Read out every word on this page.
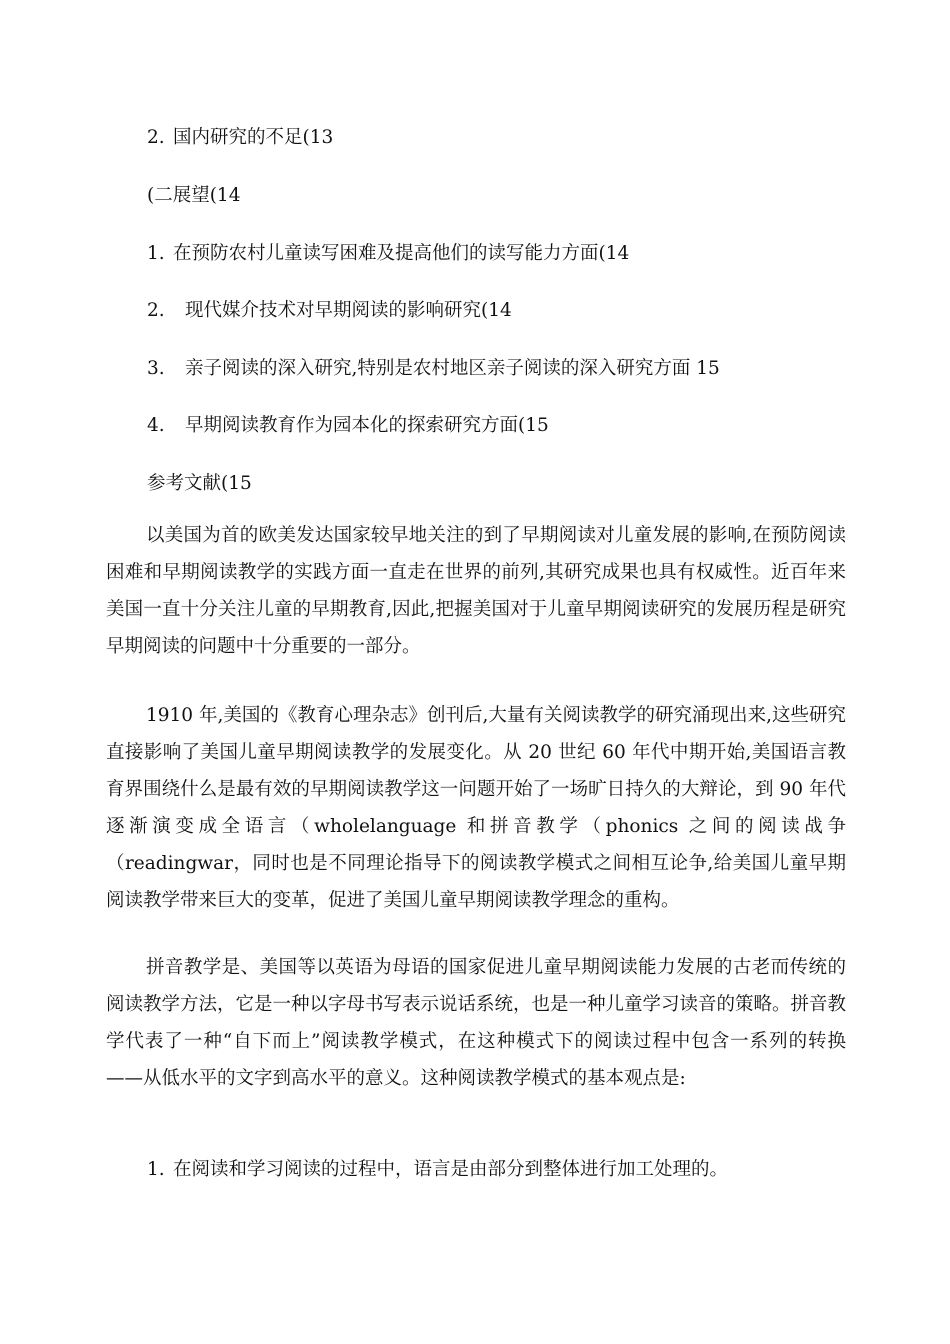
2. 国内研究的不足(13
(二展望(14
1. 在预防农村儿童读写困难及提高他们的读写能力方面(14
2. 现代媒介技术对早期阅读的影响研究(14
3. 亲子阅读的深入研究,特别是农村地区亲子阅读的深入研究方面 15
4. 早期阅读教育作为园本化的探索研究方面(15
参考文献(15

以美国为首的欧美发达国家较早地关注的到了早期阅读对儿童发展的影响,在预防阅读困难和早期阅读教学的实践方面一直走在世界的前列,其研究成果也具有权威性。近百年来美国一直十分关注儿童的早期教育,因此,把握美国对于儿童早期阅读研究的发展历程是研究早期阅读的问题中十分重要的一部分。

1910 年,美国的《教育心理杂志》创刊后,大量有关阅读教学的研究涌现出来,这些研究直接影响了美国儿童早期阅读教学的发展变化。从 20 世纪 60 年代中期开始,美国语言教育界围绕什么是最有效的早期阅读教学这一问题开始了一场旷日持久的大辩论，到 90 年代逐渐演变成全语言（wholelanguage 和拼音教学（phonics 之间的阅读战争（readingwar，同时也是不同理论指导下的阅读教学模式之间相互论争,给美国儿童早期阅读教学带来巨大的变革，促进了美国儿童早期阅读教学理念的重构。

拼音教学是、美国等以英语为母语的国家促进儿童早期阅读能力发展的古老而传统的阅读教学方法，它是一种以字母书写表示说话系统，也是一种儿童学习读音的策略。拼音教学代表了一种“自下而上”阅读教学模式，在这种模式下的阅读过程中包含一系列的转换——从低水平的文字到高水平的意义。这种阅读教学模式的基本观点是:

1. 在阅读和学习阅读的过程中，语言是由部分到整体进行加工处理的。
